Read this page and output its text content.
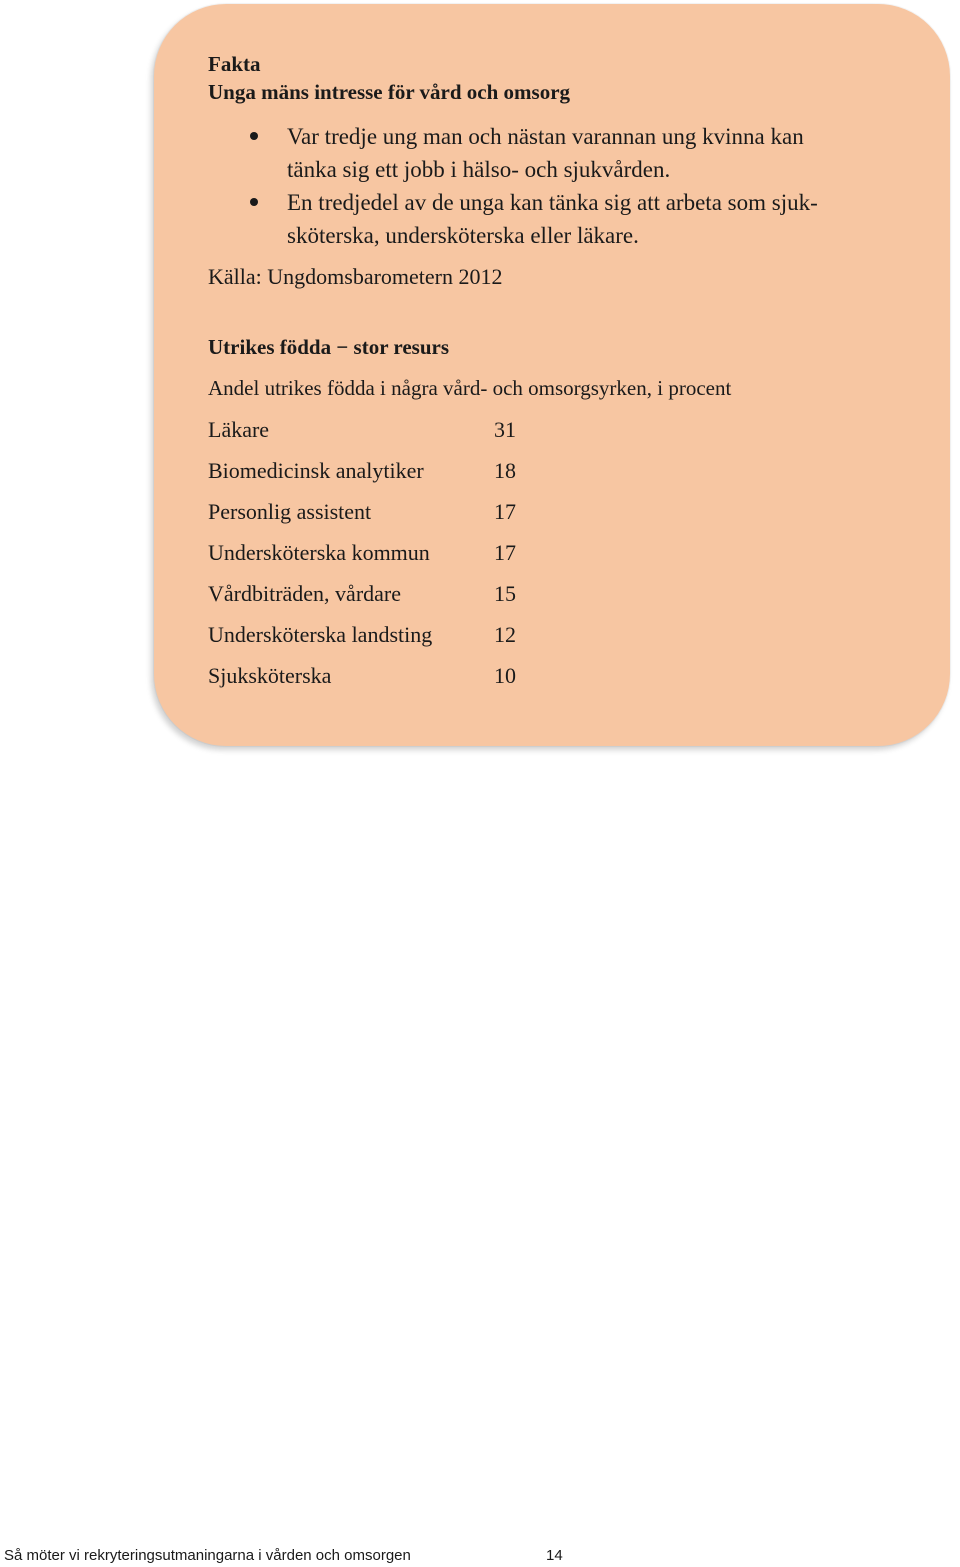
Fakta
Unga mäns intresse för vård och omsorg
Var tredje ung man och nästan varannan ung kvinna kan
tänka sig ett jobb i hälso- och sjukvården.
En tredjedel av de unga kan tänka sig att arbeta som sjuk-
sköterska, undersköterska eller läkare.
Källa: Ungdomsbarometern 2012
Utrikes födda − stor resurs
Andel utrikes födda i några vård- och omsorgsyrken, i procent
Läkare	31
Biomedicinsk analytiker	18
Personlig assistent	17
Undersköterska kommun	17
Vårdbiträden, vårdare	15
Undersköterska landsting	12
Sjuksköterska	10
Så möter vi rekryteringsutmaningarna i vården och omsorgen	14
